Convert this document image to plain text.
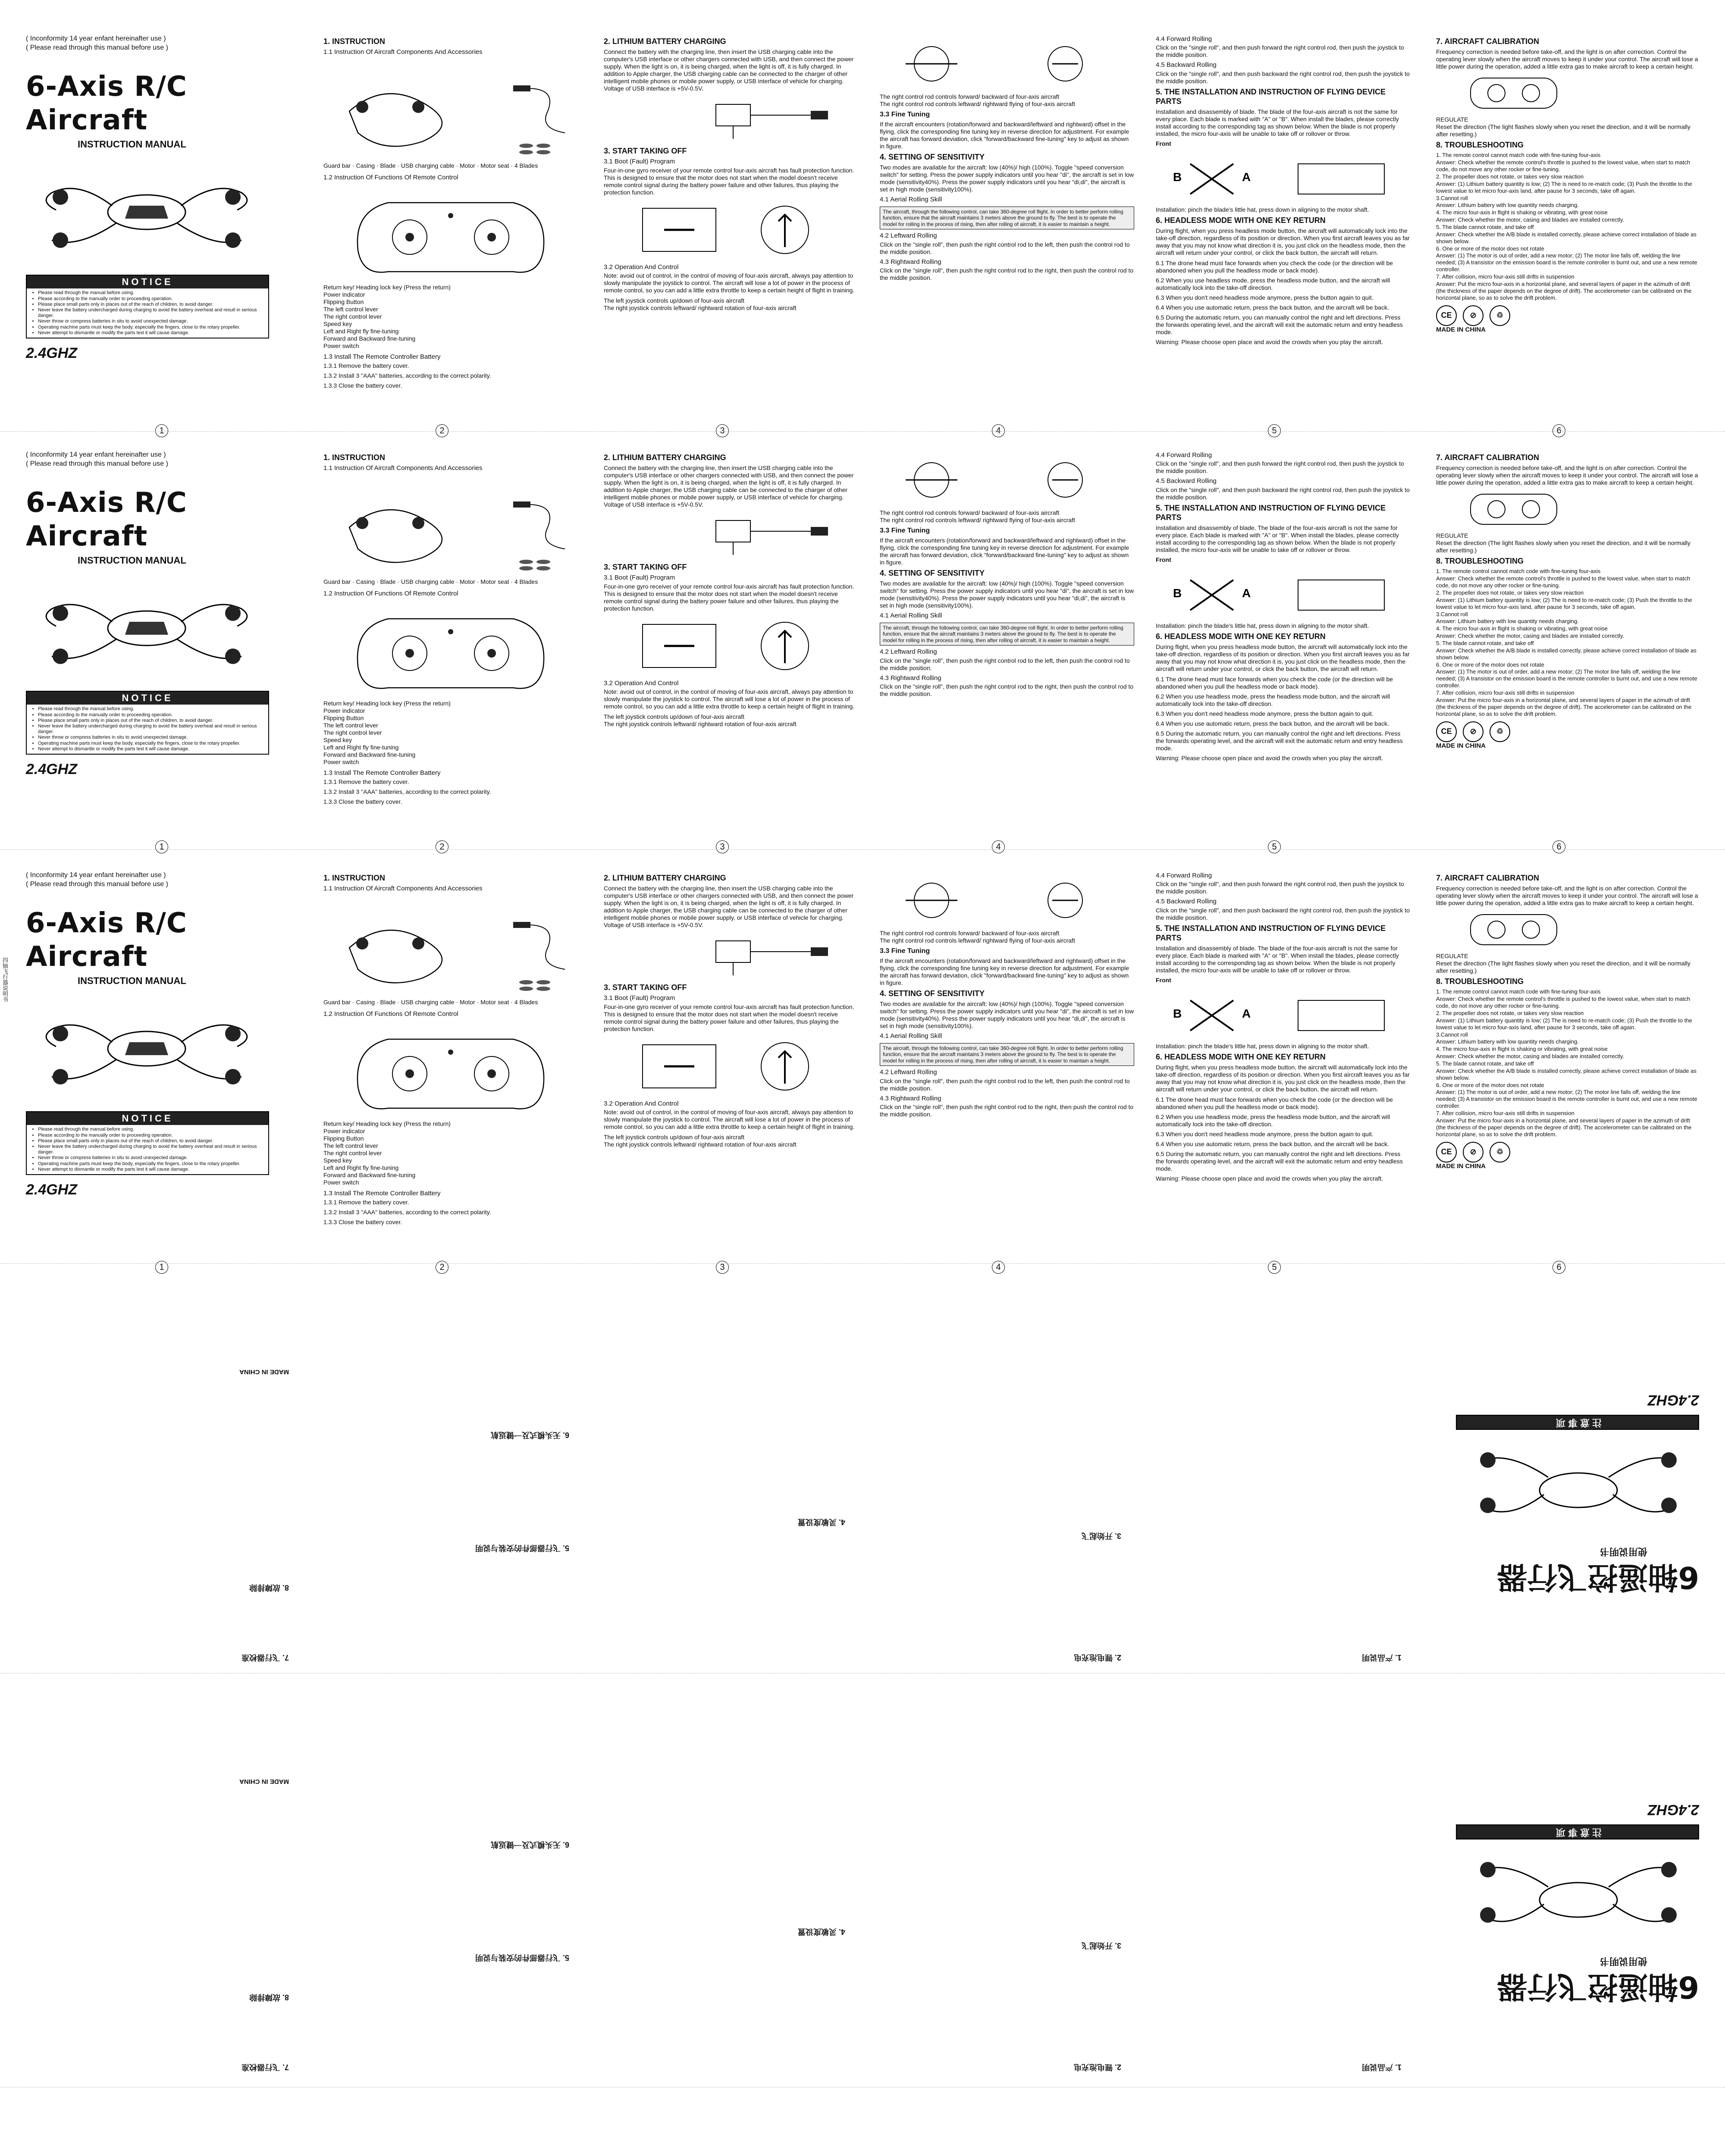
( Inconformity 14 year enfant hereinafter use )
( Please read through this manual before use )
6-Axis R/C Aircraft
INSTRUCTION MANUAL
NOTICE
• Please read through the manual before using.
• Please according to the manually order to proceeding operation.
• Please place small parts only in places out of the reach of children, to avoid danger.
• Never leave the battery undercharged during charging to avoid the battery overheat and result in serious danger.
• Never throw or compress batteries in situ to avoid unexpected damage.
• Operating machine parts must keep the body, especially the fingers, close to the rotary propeller.
• Never attempt to dismantle or modify the parts lest it will cause damage.
2.4GHZ
1
1. INSTRUCTION
1.1 Instruction Of Aircraft Components And Accessories
Guard bar · Casing · Blade · USB charging cable · Motor · Motor seat · 4 Blades
1.2 Instruction Of Functions Of Remote Control
Return key/ Heading lock key (Press the return)
Power indicator
Flipping Button
The left control lever
The right control lever
Speed key
Left and Right fly fine-tuning
Forward and Backward fine-tuning
Power switch
1.3 Install The Remote Controller Battery
1.3.1 Remove the battery cover.
1.3.2 Install 3 "AAA" batteries, according to the correct polarity.
1.3.3 Close the battery cover.
2
2. LITHIUM BATTERY CHARGING
Connect the battery with the charging line, then insert the USB charging cable into the computer's USB interface or other chargers connected with USB, and then connect the power supply. When the light is on, it is being charged, when the light is off, it is fully charged. In addition to Apple charger, the USB charging cable can be connected to the charger of other intelligent mobile phones or mobile power supply, or USB interface of vehicle for charging. Voltage of USB interface is +5V-0.5V.
3. START TAKING OFF
3.1 Boot (Fault) Program
Four-in-one gyro receiver of your remote control four-axis aircraft has fault protection function. This is designed to ensure that the motor does not start when the model doesn't receive remote control signal during the battery power failure and other failures, thus playing the protection function.
3.2 Operation And Control
Note: avoid out of control, in the control of moving of four-axis aircraft, always pay attention to slowly manipulate the joystick to control. The aircraft will lose a lot of power in the process of remote control, so you can add a little extra throttle to keep a certain height of flight in training.
The left joystick controls up/down of four-axis aircraft
The right joystick controls leftward/ rightward rotation of four-axis aircraft
3
The right control rod controls forward/ backward of four-axis aircraft
The right control rod controls leftward/ rightward flying of four-axis aircraft
3.3 Fine Tuning
If the aircraft encounters (rotation/forward and backward/leftward and rightward) offset in the flying, click the corresponding fine tuning key in reverse direction for adjustment. For example the aircraft has forward deviation, click "forward/backward fine-tuning" key to adjust as shown in figure.
4. SETTING OF SENSITIVITY
Two modes are available for the aircraft: low (40%)/ high (100%). Toggle "speed conversion switch" for setting. Press the power supply indicators until you hear "di", the aircraft is set in low mode (sensitivity40%). Press the power supply indicators until you hear "di,di", the aircraft is set in high mode (sensitivity100%).
4.1 Aerial Rolling Skill
The aircraft, through the following control, can take 360-degree roll flight. In order to better perform rolling function, ensure that the aircraft maintains 3 meters above the ground to fly. The best is to operate the model for rolling in the process of rising, then after rolling of aircraft, it is easier to maintain a height.
4.2 Leftward Rolling
Click on the "single roll", then push the right control rod to the left, then push the control rod to the middle position.
4.3 Rightward Rolling
Click on the "single roll", then push the right control rod to the right, then push the control rod to the middle position.
4
4.4 Forward Rolling
Click on the "single roll", and then push forward the right control rod, then push the joystick to the middle position.
4.5 Backward Rolling
Click on the "single roll", and then push backward the right control rod, then push the joystick to the middle position.
5. THE INSTALLATION AND INSTRUCTION OF FLYING DEVICE PARTS
Installation and disassembly of blade. The blade of the four-axis aircraft is not the same for every place. Each blade is marked with "A" or "B". When install the blades, please correctly install according to the corresponding tag as shown below. When the blade is not properly installed, the micro four-axis will be unable to take off or rollover or throw.
Front
B	A
Installation: pinch the blade's little hat, press down in aligning to the motor shaft.
6. HEADLESS MODE WITH ONE KEY RETURN
During flight, when you press headless mode button, the aircraft will automatically lock into the take-off direction, regardless of its position or direction. When you first aircraft leaves you as far away that you may not know what direction it is, you just click on the headless mode, then the aircraft will return under your control, or click the back button, the aircraft will return.
6.1 The drone head must face forwards when you check the code (or the direction will be abandoned when you pull the headless mode or back mode).
6.2 When you use headless mode, press the headless mode button, and the aircraft will automatically lock into the take-off direction.
6.3 When you don't need headless mode anymore, press the button again to quit.
6.4 When you use automatic return, press the back button, and the aircraft will be back.
6.5 During the automatic return, you can manually control the right and left directions. Press the forwards operating level, and the aircraft will exit the automatic return and entry headless mode.
Warning: Please choose open place and avoid the crowds when you play the aircraft.
5
7. AIRCRAFT CALIBRATION
Frequency correction is needed before take-off, and the light is on after correction. Control the operating lever slowly when the aircraft moves to keep it under your control. The aircraft will lose a little power during the operation, added a little extra gas to make aircraft to keep a certain height.
REGULATE
Reset the direction (The light flashes slowly when you reset the direction, and it will be normally after resetting.)
8. TROUBLESHOOTING
1. The remote control cannot match code with fine-tuning four-axis
Answer: Check whether the remote control's throttle is pushed to the lowest value, when start to match code, do not move any other rocker or fine-tuning.
2. The propeller does not rotate, or takes very slow reaction
Answer: (1) Lithium battery quantity is low; (2) The is need to re-match code; (3) Push the throttle to the lowest value to let micro four-axis land, after pause for 3 seconds, take off again.
3.Cannot roll
Answer: Lithium battery with low quantity needs charging.
4. The micro four-axis in flight is shaking or vibrating, with great noise
Answer: Check whether the motor, casing and blades are installed correctly.
5. The blade cannot rotate, and take off
Answer: Check whether the A/B blade is installed correctly, please achieve correct installation of blade as shown below.
6. One or more of the motor does not rotate
Answer: (1) The motor is out of order, add a new motor; (2) The motor line falls off, welding the line needed; (3) A transistor on the emission board is the remote controller is burnt out, and use a new remote controller.
7. After collision, micro four-axis still drifts in suspension
Answer: Put the micro four-axis in a horizontal plane, and several layers of paper in the azimuth of drift (the thickness of the paper depends on the degree of drift). The accelerometer can be calibrated on the horizontal plane, so as to solve the drift problem.
CE	⊘	♲
MADE IN CHINA
6
( Inconformity 14 year enfant hereinafter use )
( Please read through this manual before use )
6-Axis R/C Aircraft
INSTRUCTION MANUAL
NOTICE
• Please read through the manual before using.
• Please according to the manually order to proceeding operation.
• Please place small parts only in places out of the reach of children, to avoid danger.
• Never leave the battery undercharged during charging to avoid the battery overheat and result in serious danger.
• Never throw or compress batteries in situ to avoid unexpected damage.
• Operating machine parts must keep the body, especially the fingers, close to the rotary propeller.
• Never attempt to dismantle or modify the parts lest it will cause damage.
2.4GHZ
1
1. INSTRUCTION
1.1 Instruction Of Aircraft Components And Accessories
Guard bar · Casing · Blade · USB charging cable · Motor · Motor seat · 4 Blades
1.2 Instruction Of Functions Of Remote Control
Return key/ Heading lock key (Press the return)
Power indicator
Flipping Button
The left control lever
The right control lever
Speed key
Left and Right fly fine-tuning
Forward and Backward fine-tuning
Power switch
1.3 Install The Remote Controller Battery
1.3.1 Remove the battery cover.
1.3.2 Install 3 "AAA" batteries, according to the correct polarity.
1.3.3 Close the battery cover.
2
2. LITHIUM BATTERY CHARGING
Connect the battery with the charging line, then insert the USB charging cable into the computer's USB interface or other chargers connected with USB, and then connect the power supply. When the light is on, it is being charged, when the light is off, it is fully charged. In addition to Apple charger, the USB charging cable can be connected to the charger of other intelligent mobile phones or mobile power supply, or USB interface of vehicle for charging. Voltage of USB interface is +5V-0.5V.
3. START TAKING OFF
3.1 Boot (Fault) Program
Four-in-one gyro receiver of your remote control four-axis aircraft has fault protection function. This is designed to ensure that the motor does not start when the model doesn't receive remote control signal during the battery power failure and other failures, thus playing the protection function.
3.2 Operation And Control
Note: avoid out of control, in the control of moving of four-axis aircraft, always pay attention to slowly manipulate the joystick to control. The aircraft will lose a lot of power in the process of remote control, so you can add a little extra throttle to keep a certain height of flight in training.
The left joystick controls up/down of four-axis aircraft
The right joystick controls leftward/ rightward rotation of four-axis aircraft
3
The right control rod controls forward/ backward of four-axis aircraft
The right control rod controls leftward/ rightward flying of four-axis aircraft
3.3 Fine Tuning
If the aircraft encounters (rotation/forward and backward/leftward and rightward) offset in the flying, click the corresponding fine tuning key in reverse direction for adjustment. For example the aircraft has forward deviation, click "forward/backward fine-tuning" key to adjust as shown in figure.
4. SETTING OF SENSITIVITY
Two modes are available for the aircraft: low (40%)/ high (100%). Toggle "speed conversion switch" for setting. Press the power supply indicators until you hear "di", the aircraft is set in low mode (sensitivity40%). Press the power supply indicators until you hear "di,di", the aircraft is set in high mode (sensitivity100%).
4.1 Aerial Rolling Skill
The aircraft, through the following control, can take 360-degree roll flight. In order to better perform rolling function, ensure that the aircraft maintains 3 meters above the ground to fly. The best is to operate the model for rolling in the process of rising, then after rolling of aircraft, it is easier to maintain a height.
4.2 Leftward Rolling
Click on the "single roll", then push the right control rod to the left, then push the control rod to the middle position.
4.3 Rightward Rolling
Click on the "single roll", then push the right control rod to the right, then push the control rod to the middle position.
4
4.4 Forward Rolling
Click on the "single roll", and then push forward the right control rod, then push the joystick to the middle position.
4.5 Backward Rolling
Click on the "single roll", and then push backward the right control rod, then push the joystick to the middle position.
5. THE INSTALLATION AND INSTRUCTION OF FLYING DEVICE PARTS
Installation and disassembly of blade. The blade of the four-axis aircraft is not the same for every place. Each blade is marked with "A" or "B". When install the blades, please correctly install according to the corresponding tag as shown below. When the blade is not properly installed, the micro four-axis will be unable to take off or rollover or throw.
Front
B	A
Installation: pinch the blade's little hat, press down in aligning to the motor shaft.
6. HEADLESS MODE WITH ONE KEY RETURN
During flight, when you press headless mode button, the aircraft will automatically lock into the take-off direction, regardless of its position or direction. When you first aircraft leaves you as far away that you may not know what direction it is, you just click on the headless mode, then the aircraft will return under your control, or click the back button, the aircraft will return.
6.1 The drone head must face forwards when you check the code (or the direction will be abandoned when you pull the headless mode or back mode).
6.2 When you use headless mode, press the headless mode button, and the aircraft will automatically lock into the take-off direction.
6.3 When you don't need headless mode anymore, press the button again to quit.
6.4 When you use automatic return, press the back button, and the aircraft will be back.
6.5 During the automatic return, you can manually control the right and left directions. Press the forwards operating level, and the aircraft will exit the automatic return and entry headless mode.
Warning: Please choose open place and avoid the crowds when you play the aircraft.
5
7. AIRCRAFT CALIBRATION
Frequency correction is needed before take-off, and the light is on after correction. Control the operating lever slowly when the aircraft moves to keep it under your control. The aircraft will lose a little power during the operation, added a little extra gas to make aircraft to keep a certain height.
REGULATE
Reset the direction (The light flashes slowly when you reset the direction, and it will be normally after resetting.)
8. TROUBLESHOOTING
1. The remote control cannot match code with fine-tuning four-axis
Answer: Check whether the remote control's throttle is pushed to the lowest value, when start to match code, do not move any other rocker or fine-tuning.
2. The propeller does not rotate, or takes very slow reaction
Answer: (1) Lithium battery quantity is low; (2) The is need to re-match code; (3) Push the throttle to the lowest value to let micro four-axis land, after pause for 3 seconds, take off again.
3.Cannot roll
Answer: Lithium battery with low quantity needs charging.
4. The micro four-axis in flight is shaking or vibrating, with great noise
Answer: Check whether the motor, casing and blades are installed correctly.
5. The blade cannot rotate, and take off
Answer: Check whether the A/B blade is installed correctly, please achieve correct installation of blade as shown below.
6. One or more of the motor does not rotate
Answer: (1) The motor is out of order, add a new motor; (2) The motor line falls off, welding the line needed; (3) A transistor on the emission board is the remote controller is burnt out, and use a new remote controller.
7. After collision, micro four-axis still drifts in suspension
Answer: Put the micro four-axis in a horizontal plane, and several layers of paper in the azimuth of drift (the thickness of the paper depends on the degree of drift). The accelerometer can be calibrated on the horizontal plane, so as to solve the drift problem.
CE	⊘	♲
MADE IN CHINA
6
( Inconformity 14 year enfant hereinafter use )
( Please read through this manual before use )
6-Axis R/C Aircraft
INSTRUCTION MANUAL
NOTICE
• Please read through the manual before using.
• Please according to the manually order to proceeding operation.
• Please place small parts only in places out of the reach of children, to avoid danger.
• Never leave the battery undercharged during charging to avoid the battery overheat and result in serious danger.
• Never throw or compress batteries in situ to avoid unexpected damage.
• Operating machine parts must keep the body, especially the fingers, close to the rotary propeller.
• Never attempt to dismantle or modify the parts lest it will cause damage.
2.4GHZ
1
1. INSTRUCTION
1.1 Instruction Of Aircraft Components And Accessories
Guard bar · Casing · Blade · USB charging cable · Motor · Motor seat · 4 Blades
1.2 Instruction Of Functions Of Remote Control
Return key/ Heading lock key (Press the return)
Power indicator
Flipping Button
The left control lever
The right control lever
Speed key
Left and Right fly fine-tuning
Forward and Backward fine-tuning
Power switch
1.3 Install The Remote Controller Battery
1.3.1 Remove the battery cover.
1.3.2 Install 3 "AAA" batteries, according to the correct polarity.
1.3.3 Close the battery cover.
2
2. LITHIUM BATTERY CHARGING
Connect the battery with the charging line, then insert the USB charging cable into the computer's USB interface or other chargers connected with USB, and then connect the power supply. When the light is on, it is being charged, when the light is off, it is fully charged. In addition to Apple charger, the USB charging cable can be connected to the charger of other intelligent mobile phones or mobile power supply, or USB interface of vehicle for charging. Voltage of USB interface is +5V-0.5V.
3. START TAKING OFF
3.1 Boot (Fault) Program
Four-in-one gyro receiver of your remote control four-axis aircraft has fault protection function. This is designed to ensure that the motor does not start when the model doesn't receive remote control signal during the battery power failure and other failures, thus playing the protection function.
3.2 Operation And Control
Note: avoid out of control, in the control of moving of four-axis aircraft, always pay attention to slowly manipulate the joystick to control. The aircraft will lose a lot of power in the process of remote control, so you can add a little extra throttle to keep a certain height of flight in training.
The left joystick controls up/down of four-axis aircraft
The right joystick controls leftward/ rightward rotation of four-axis aircraft
3
The right control rod controls forward/ backward of four-axis aircraft
The right control rod controls leftward/ rightward flying of four-axis aircraft
3.3 Fine Tuning
If the aircraft encounters (rotation/forward and backward/leftward and rightward) offset in the flying, click the corresponding fine tuning key in reverse direction for adjustment. For example the aircraft has forward deviation, click "forward/backward fine-tuning" key to adjust as shown in figure.
4. SETTING OF SENSITIVITY
Two modes are available for the aircraft: low (40%)/ high (100%). Toggle "speed conversion switch" for setting. Press the power supply indicators until you hear "di", the aircraft is set in low mode (sensitivity40%). Press the power supply indicators until you hear "di,di", the aircraft is set in high mode (sensitivity100%).
4.1 Aerial Rolling Skill
The aircraft, through the following control, can take 360-degree roll flight. In order to better perform rolling function, ensure that the aircraft maintains 3 meters above the ground to fly. The best is to operate the model for rolling in the process of rising, then after rolling of aircraft, it is easier to maintain a height.
4.2 Leftward Rolling
Click on the "single roll", then push the right control rod to the left, then push the control rod to the middle position.
4.3 Rightward Rolling
Click on the "single roll", then push the right control rod to the right, then push the control rod to the middle position.
4
4.4 Forward Rolling
Click on the "single roll", and then push forward the right control rod, then push the joystick to the middle position.
4.5 Backward Rolling
Click on the "single roll", and then push backward the right control rod, then push the joystick to the middle position.
5. THE INSTALLATION AND INSTRUCTION OF FLYING DEVICE PARTS
Installation and disassembly of blade. The blade of the four-axis aircraft is not the same for every place. Each blade is marked with "A" or "B". When install the blades, please correctly install according to the corresponding tag as shown below. When the blade is not properly installed, the micro four-axis will be unable to take off or rollover or throw.
Front
B	A
Installation: pinch the blade's little hat, press down in aligning to the motor shaft.
6. HEADLESS MODE WITH ONE KEY RETURN
During flight, when you press headless mode button, the aircraft will automatically lock into the take-off direction, regardless of its position or direction. When you first aircraft leaves you as far away that you may not know what direction it is, you just click on the headless mode, then the aircraft will return under your control, or click the back button, the aircraft will return.
6.1 The drone head must face forwards when you check the code (or the direction will be abandoned when you pull the headless mode or back mode).
6.2 When you use headless mode, press the headless mode button, and the aircraft will automatically lock into the take-off direction.
6.3 When you don't need headless mode anymore, press the button again to quit.
6.4 When you use automatic return, press the back button, and the aircraft will be back.
6.5 During the automatic return, you can manually control the right and left directions. Press the forwards operating level, and the aircraft will exit the automatic return and entry headless mode.
Warning: Please choose open place and avoid the crowds when you play the aircraft.
5
7. AIRCRAFT CALIBRATION
Frequency correction is needed before take-off, and the light is on after correction. Control the operating lever slowly when the aircraft moves to keep it under your control. The aircraft will lose a little power during the operation, added a little extra gas to make aircraft to keep a certain height.
REGULATE
Reset the direction (The light flashes slowly when you reset the direction, and it will be normally after resetting.)
8. TROUBLESHOOTING
1. The remote control cannot match code with fine-tuning four-axis
Answer: Check whether the remote control's throttle is pushed to the lowest value, when start to match code, do not move any other rocker or fine-tuning.
2. The propeller does not rotate, or takes very slow reaction
Answer: (1) Lithium battery quantity is low; (2) The is need to re-match code; (3) Push the throttle to the lowest value to let micro four-axis land, after pause for 3 seconds, take off again.
3.Cannot roll
Answer: Lithium battery with low quantity needs charging.
4. The micro four-axis in flight is shaking or vibrating, with great noise
Answer: Check whether the motor, casing and blades are installed correctly.
5. The blade cannot rotate, and take off
Answer: Check whether the A/B blade is installed correctly, please achieve correct installation of blade as shown below.
6. One or more of the motor does not rotate
Answer: (1) The motor is out of order, add a new motor; (2) The motor line falls off, welding the line needed; (3) A transistor on the emission board is the remote controller is burnt out, and use a new remote controller.
7. After collision, micro four-axis still drifts in suspension
Answer: Put the micro four-axis in a horizontal plane, and several layers of paper in the azimuth of drift (the thickness of the paper depends on the degree of drift). The accelerometer can be calibrated on the horizontal plane, so as to solve the drift problem.
CE	⊘	♲
MADE IN CHINA
6
6轴遥控飞行器
使用说明书
注意事项
2.4GHZ
1. 产品说明
2. 锂电池充电
3. 开始起飞
4. 灵敏度设置
5. 飞行器部件的安装与说明
6. 无头模式及一键返航
7. 飞行器校准
8. 故障排除
MADE IN CHINA
6轴遥控飞行器
使用说明书
注意事项
2.4GHZ
1. 产品说明
2. 锂电池充电
3. 开始起飞
4. 灵敏度设置
5. 飞行器部件的安装与说明
6. 无头模式及一键返航
7. 飞行器校准
8. 故障排除
MADE IN CHINA
四轴飞行器说明书
